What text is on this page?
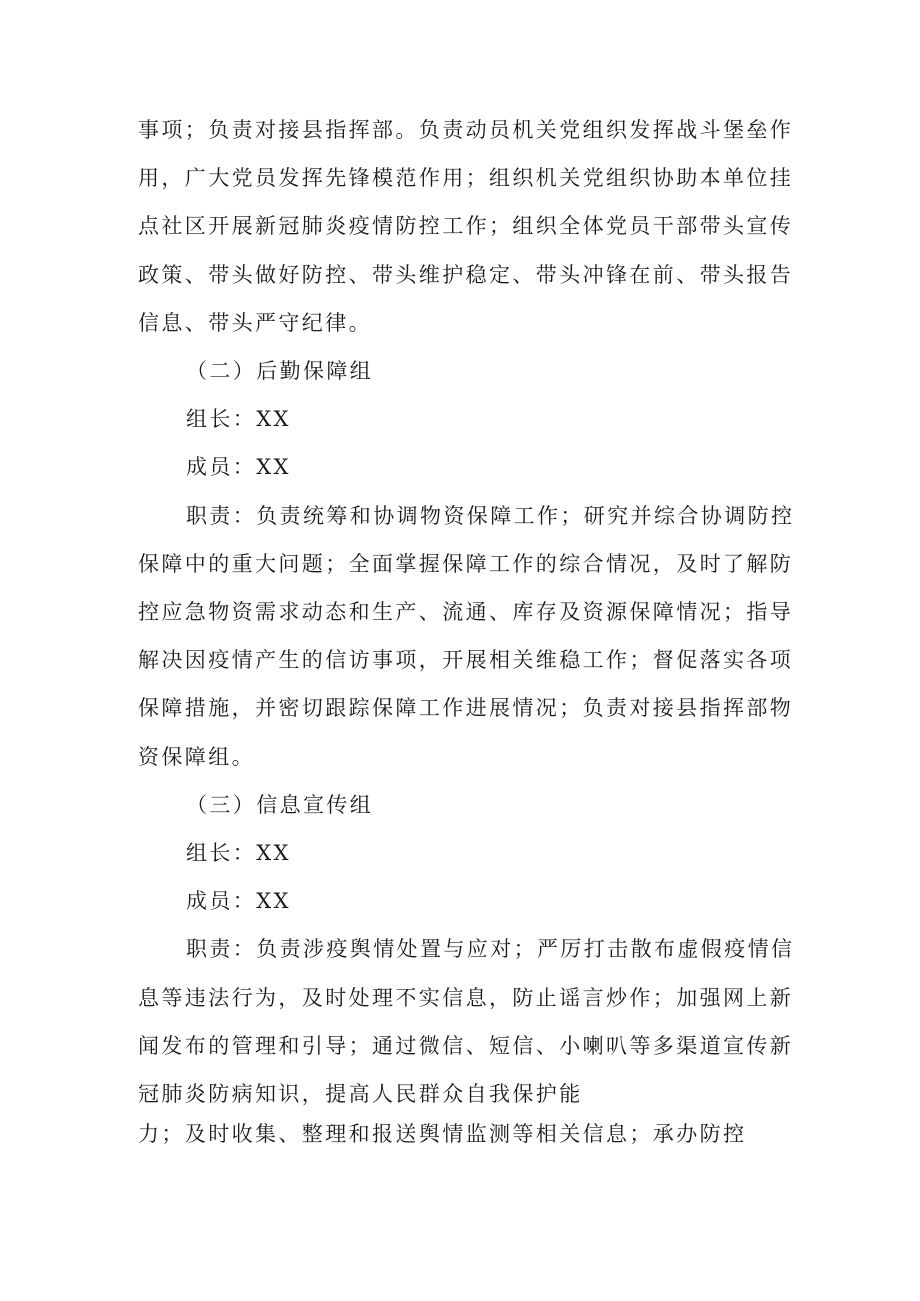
事项；负责对接县指挥部。负责动员机关党组织发挥战斗堡垒作
用，广大党员发挥先锋模范作用；组织机关党组织协助本单位挂
点社区开展新冠肺炎疫情防控工作；组织全体党员干部带头宣传
政策、带头做好防控、带头维护稳定、带头冲锋在前、带头报告
信息、带头严守纪律。

（二）后勤保障组

组长：XX

成员：XX

职责：负责统筹和协调物资保障工作；研究并综合协调防控
保障中的重大问题；全面掌握保障工作的综合情况，及时了解防
控应急物资需求动态和生产、流通、库存及资源保障情况；指导
解决因疫情产生的信访事项，开展相关维稳工作；督促落实各项
保障措施，并密切跟踪保障工作进展情况；负责对接县指挥部物
资保障组。

（三）信息宣传组

组长：XX

成员：XX

职责：负责涉疫舆情处置与应对；严厉打击散布虚假疫情信
息等违法行为，及时处理不实信息，防止谣言炒作；加强网上新
闻发布的管理和引导；通过微信、短信、小喇叭等多渠道宣传新
冠肺炎防病知识，提高人民群众自我保护能
力；及时收集、整理和报送舆情监测等相关信息；承办防控
